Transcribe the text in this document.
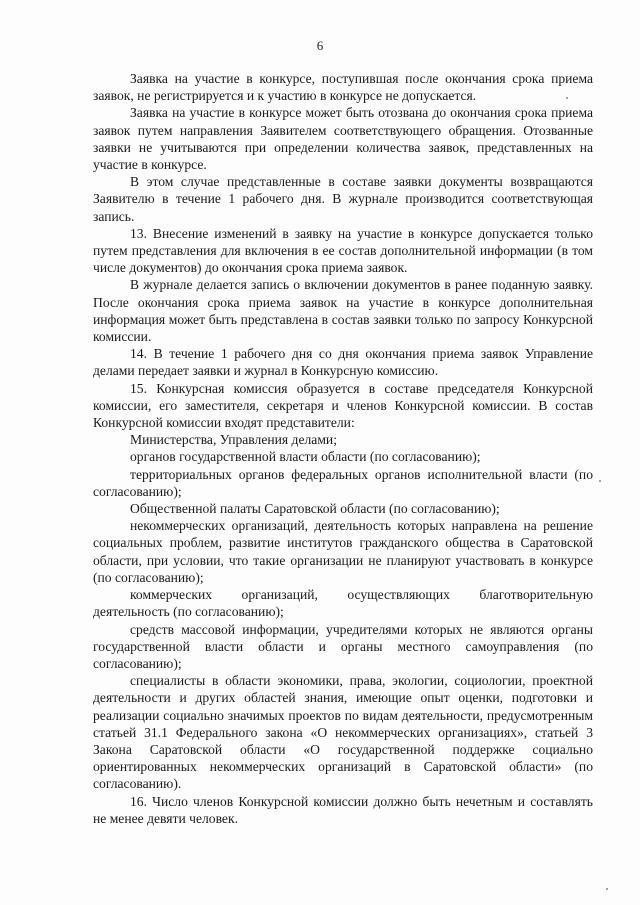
6

Заявка на участие в конкурсе, поступившая после окончания срока приема заявок, не регистрируется и к участию в конкурсе не допускается.

Заявка на участие в конкурсе может быть отозвана до окончания срока приема заявок путем направления Заявителем соответствующего обращения. Отозванные заявки не учитываются при определении количества заявок, представленных на участие в конкурсе.

В этом случае представленные в составе заявки документы возвращаются Заявителю в течение 1 рабочего дня. В журнале производится соответствующая запись.

13. Внесение изменений в заявку на участие в конкурсе допускается только путем представления для включения в ее состав дополнительной информации (в том числе документов) до окончания срока приема заявок.

В журнале делается запись о включении документов в ранее поданную заявку. После окончания срока приема заявок на участие в конкурсе дополнительная информация может быть представлена в состав заявки только по запросу Конкурсной комиссии.

14. В течение 1 рабочего дня со дня окончания приема заявок Управление делами передает заявки и журнал в Конкурсную комиссию.

15. Конкурсная комиссия образуется в составе председателя Конкурсной комиссии, его заместителя, секретаря и членов Конкурсной комиссии. В состав Конкурсной комиссии входят представители:

Министерства, Управления делами;

органов государственной власти области (по согласованию);

территориальных органов федеральных органов исполнительной власти (по согласованию);

Общественной палаты Саратовской области (по согласованию);

некоммерческих организаций, деятельность которых направлена на решение социальных проблем, развитие институтов гражданского общества в Саратовской области, при условии, что такие организации не планируют участвовать в конкурсе (по согласованию);

коммерческих организаций, осуществляющих благотворительную деятельность (по согласованию);

средств массовой информации, учредителями которых не являются органы государственной власти области и органы местного самоуправления (по согласованию);

специалисты в области экономики, права, экологии, социологии, проектной деятельности и других областей знания, имеющие опыт оценки, подготовки и реализации социально значимых проектов по видам деятельности, предусмотренным статьей 31.1 Федерального закона «О некоммерческих организациях», статьей 3 Закона Саратовской области «О государственной поддержке социально ориентированных некоммерческих организаций в Саратовской области» (по согласованию).

16. Число членов Конкурсной комиссии должно быть нечетным и составлять не менее девяти человек.
